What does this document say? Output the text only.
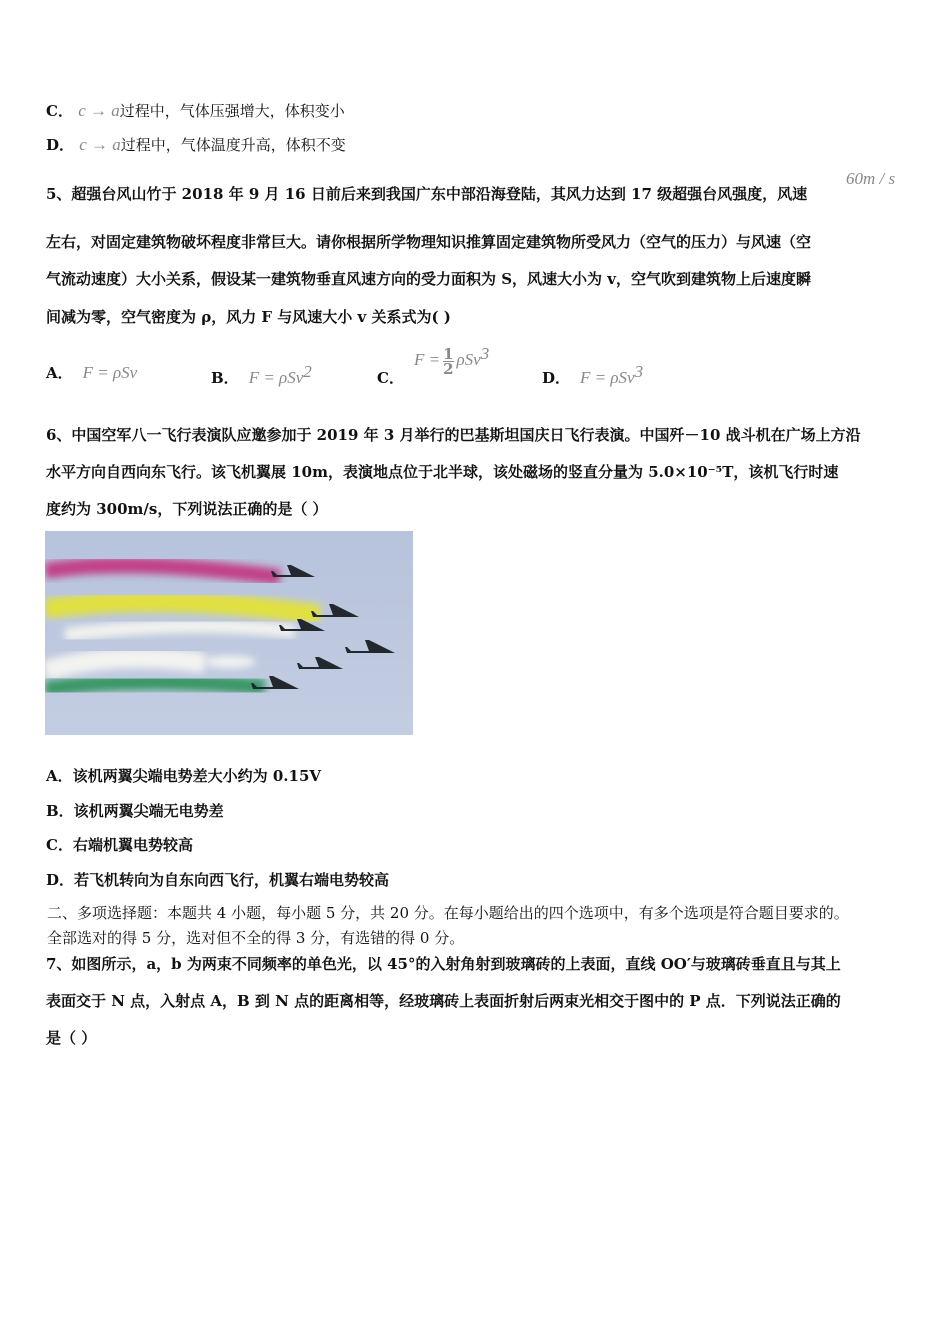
C． c → a过程中，气体压强增大，体积变小
D． c → a过程中，气体温度升高，体积不变
5、超强台风山竹于 2018 年 9 月 16 日前后来到我国广东中部沿海登陆，其风力达到 17 级超强台风强度，风速
60m / s
左右，对固定建筑物破坏程度非常巨大。请你根据所学物理知识推算固定建筑物所受风力（空气的压力）与风速（空
气流动速度）大小关系，假设某一建筑物垂直风速方向的受力面积为 S，风速大小为 v，空气吹到建筑物上后速度瞬
间减为零，空气密度为 ρ，风力 F 与风速大小 v 关系式为( )
A． F = ρSv	B． F = ρSv$^2$	C．$F = \frac{1}{2} \rho Sv^3$
D． F = ρSv$^3$
6、中国空军八一飞行表演队应邀参加于 2019 年 3 月举行的巴基斯坦国庆日飞行表演。中国歼－10 战斗机在广场上方沿
水平方向自西向东飞行。该飞机翼展 10m，表演地点位于北半球，该处磁场的竖直分量为 5.0×10⁻⁵T，该机飞行时速
度约为 300m/s，下列说法正确的是（ ）
A．该机两翼尖端电势差大小约为 0.15V
B．该机两翼尖端无电势差
C．右端机翼电势较高
D．若飞机转向为自东向西飞行，机翼右端电势较高
二、多项选择题：本题共 4 小题，每小题 5 分，共 20 分。在每小题给出的四个选项中，有多个选项是符合题目要求的。
全部选对的得 5 分，选对但不全的得 3 分，有选错的得 0 分。
7、如图所示，a，b 为两束不同频率的单色光，以 45°的入射角射到玻璃砖的上表面，直线 OO′与玻璃砖垂直且与其上
表面交于 N 点，入射点 A，B 到 N 点的距离相等，经玻璃砖上表面折射后两束光相交于图中的 P 点．下列说法正确的
是（ ）
